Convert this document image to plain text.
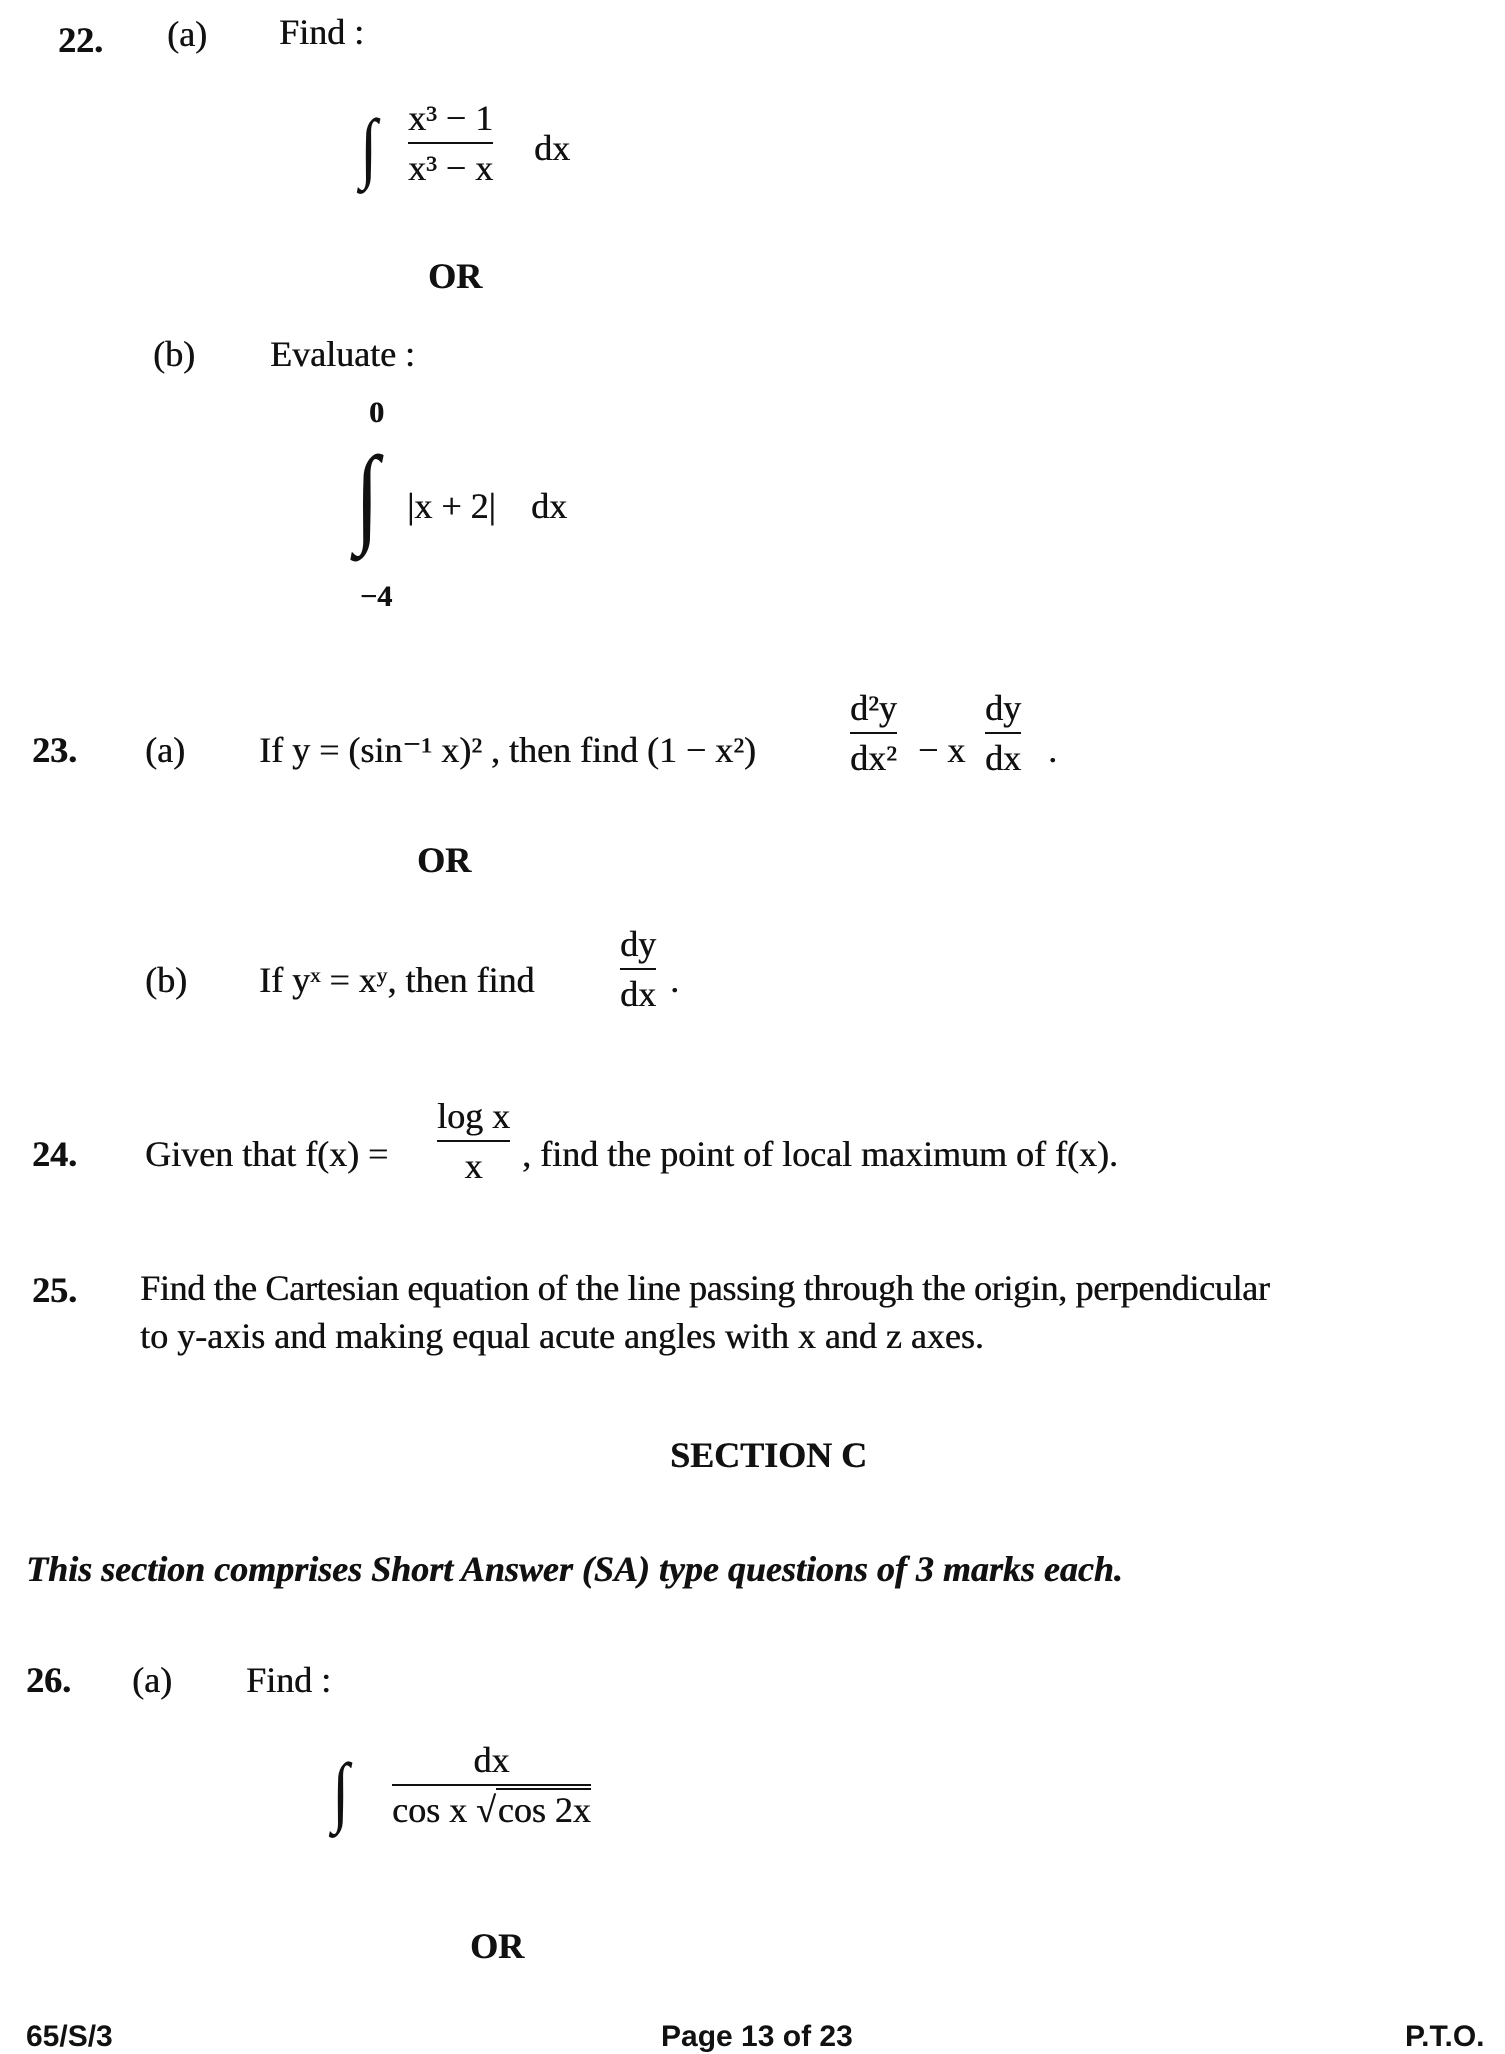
22. (a) Find :
∫ x³ − 1
x³ − x dx
OR
(b) Evaluate :
0
∫ |x + 2| dx
−4
23. (a) If y = (sin⁻¹ x)² , then find (1 − x²)
d²y
dx² − x
dy
dx .
OR
(b) If yˣ = xʸ, then find
dy
dx .
24. Given that f(x) =
log x
x , find the point of local maximum of f(x).
25. Find the Cartesian equation of the line passing through the origin, perpendicular
to y-axis and making equal acute angles with x and z axes.
SECTION C
This section comprises Short Answer (SA) type questions of 3 marks each.
26. (a) Find :
∫	dx
cos x √cos 2x
OR
65/S/3	Page 13 of 23	P.T.O.
